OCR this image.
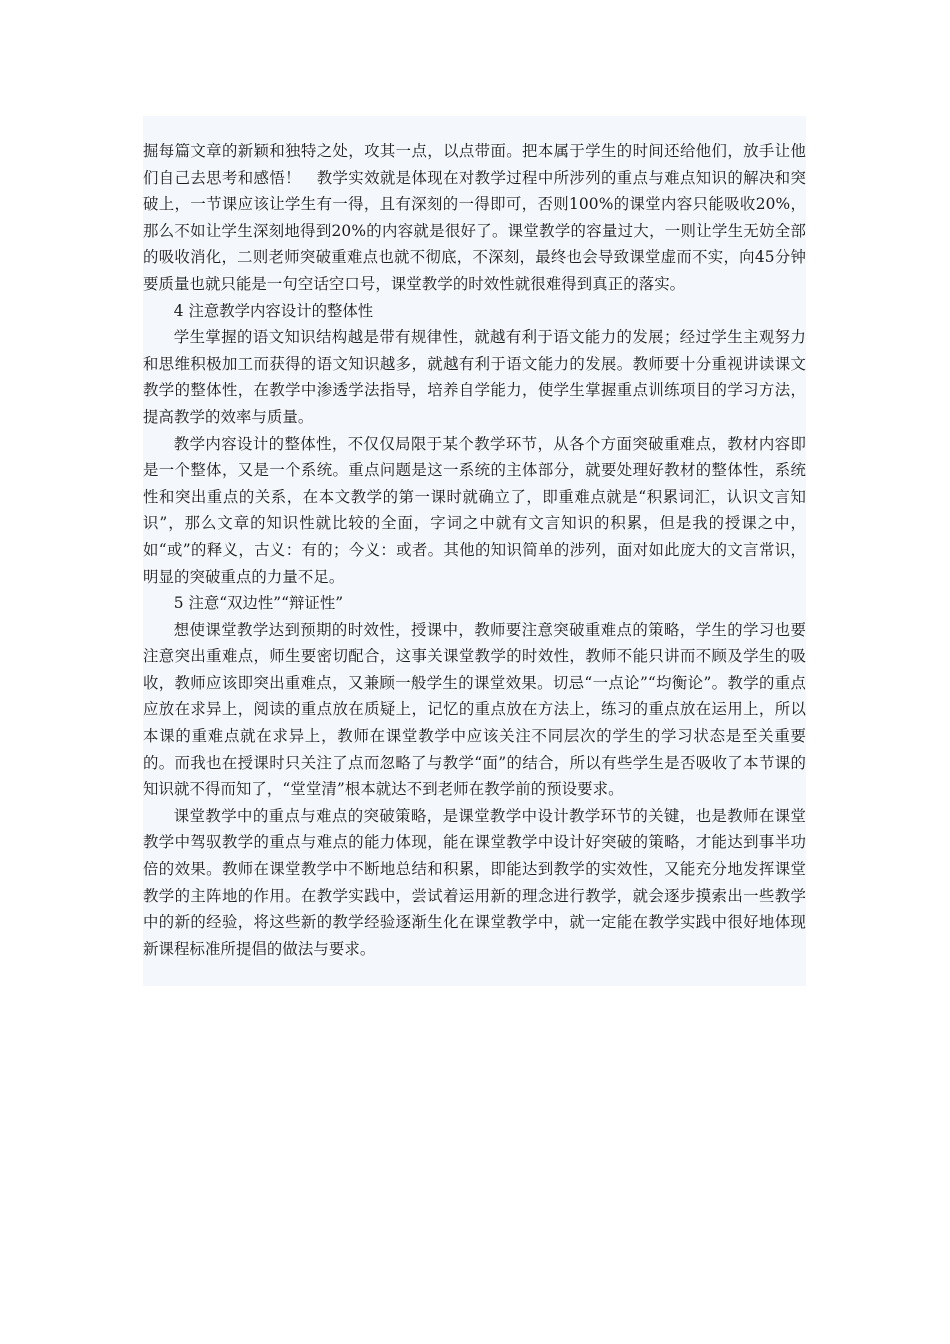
掘每篇文章的新颖和独特之处，攻其一点，以点带面。把本属于学生的时间还给他们，放手让他们自己去思考和感悟！　教学实效就是体现在对教学过程中所涉列的重点与难点知识的解决和突破上，一节课应该让学生有一得，且有深刻的一得即可，否则100%的课堂内容只能吸收20%，那么不如让学生深刻地得到20%的内容就是很好了。课堂教学的容量过大，一则让学生无妨全部的吸收消化，二则老师突破重难点也就不彻底，不深刻，最终也会导致课堂虚而不实，向45分钟要质量也就只能是一句空话空口号，课堂教学的时效性就很难得到真正的落实。

4 注意教学内容设计的整体性

学生掌握的语文知识结构越是带有规律性，就越有利于语文能力的发展；经过学生主观努力和思维积极加工而获得的语文知识越多，就越有利于语文能力的发展。教师要十分重视讲读课文教学的整体性，在教学中渗透学法指导，培养自学能力，使学生掌握重点训练项目的学习方法，提高教学的效率与质量。

教学内容设计的整体性，不仅仅局限于某个教学环节，从各个方面突破重难点，教材内容即是一个整体，又是一个系统。重点问题是这一系统的主体部分，就要处理好教材的整体性，系统性和突出重点的关系，在本文教学的第一课时就确立了，即重难点就是“积累词汇，认识文言知识”，那么文章的知识性就比较的全面，字词之中就有文言知识的积累，但是我的授课之中，如“或”的释义，古义：有的；今义：或者。其他的知识简单的涉列，面对如此庞大的文言常识，明显的突破重点的力量不足。

5 注意“双边性”“辩证性”

想使课堂教学达到预期的时效性，授课中，教师要注意突破重难点的策略，学生的学习也要注意突出重难点，师生要密切配合，这事关课堂教学的时效性，教师不能只讲而不顾及学生的吸收，教师应该即突出重难点，又兼顾一般学生的课堂效果。切忌“一点论”“均衡论”。教学的重点应放在求异上，阅读的重点放在质疑上，记忆的重点放在方法上，练习的重点放在运用上，所以本课的重难点就在求异上，教师在课堂教学中应该关注不同层次的学生的学习状态是至关重要的。而我也在授课时只关注了点而忽略了与教学“面”的结合，所以有些学生是否吸收了本节课的知识就不得而知了，“堂堂清”根本就达不到老师在教学前的预设要求。

课堂教学中的重点与难点的突破策略，是课堂教学中设计教学环节的关键，也是教师在课堂教学中驾驭教学的重点与难点的能力体现，能在课堂教学中设计好突破的策略，才能达到事半功倍的效果。教师在课堂教学中不断地总结和积累，即能达到教学的实效性，又能充分地发挥课堂教学的主阵地的作用。在教学实践中，尝试着运用新的理念进行教学，就会逐步摸索出一些教学中的新的经验，将这些新的教学经验逐渐生化在课堂教学中，就一定能在教学实践中很好地体现新课程标准所提倡的做法与要求。
